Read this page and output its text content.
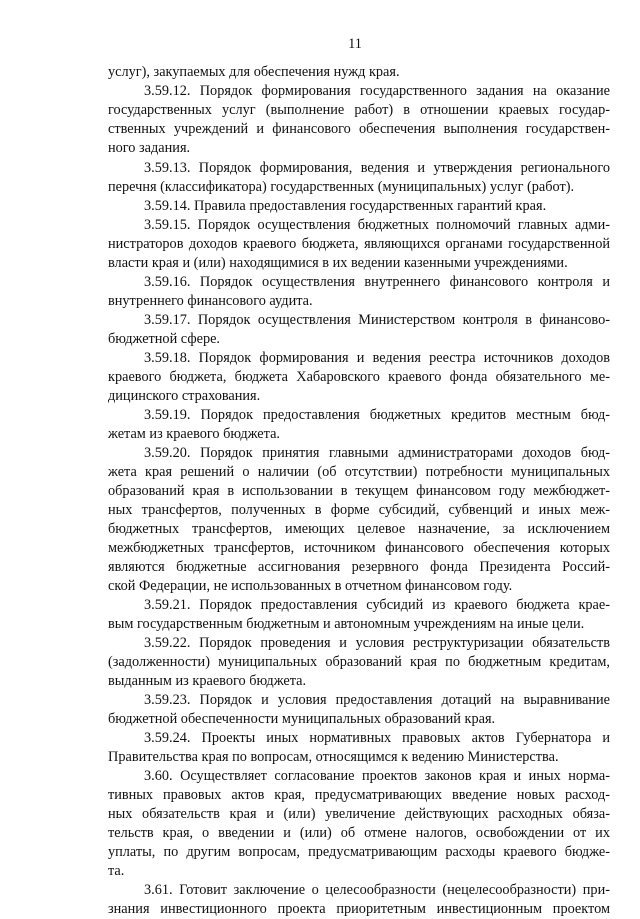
11
услуг), закупаемых для обеспечения нужд края.
3.59.12. Порядок формирования государственного задания на оказание
государственных услуг (выполнение работ) в отношении краевых государ-
ственных учреждений и финансового обеспечения выполнения государствен-
ного задания.
3.59.13. Порядок формирования, ведения и утверждения регионального
перечня (классификатора) государственных (муниципальных) услуг (работ).
3.59.14. Правила предоставления государственных гарантий края.
3.59.15. Порядок осуществления бюджетных полномочий главных адми-
нистраторов доходов краевого бюджета, являющихся органами государственной
власти края и (или) находящимися в их ведении казенными учреждениями.
3.59.16. Порядок осуществления внутреннего финансового контроля и
внутреннего финансового аудита.
3.59.17. Порядок осуществления Министерством контроля в финансово-
бюджетной сфере.
3.59.18. Порядок формирования и ведения реестра источников доходов
краевого бюджета, бюджета Хабаровского краевого фонда обязательного ме-
дицинского страхования.
3.59.19. Порядок предоставления бюджетных кредитов местным бюд-
жетам из краевого бюджета.
3.59.20. Порядок принятия главными администраторами доходов бюд-
жета края решений о наличии (об отсутствии) потребности муниципальных
образований края в использовании в текущем финансовом году межбюджет-
ных трансфертов, полученных в форме субсидий, субвенций и иных меж-
бюджетных трансфертов, имеющих целевое назначение, за исключением
межбюджетных трансфертов, источником финансового обеспечения которых
являются бюджетные ассигнования резервного фонда Президента Россий-
ской Федерации, не использованных в отчетном финансовом году.
3.59.21. Порядок предоставления субсидий из краевого бюджета крае-
вым государственным бюджетным и автономным учреждениям на иные цели.
3.59.22. Порядок проведения и условия реструктуризации обязательств
(задолженности) муниципальных образований края по бюджетным кредитам,
выданным из краевого бюджета.
3.59.23. Порядок и условия предоставления дотаций на выравнивание
бюджетной обеспеченности муниципальных образований края.
3.59.24. Проекты иных нормативных правовых актов Губернатора и
Правительства края по вопросам, относящимся к ведению Министерства.
3.60. Осуществляет согласование проектов законов края и иных норма-
тивных правовых актов края, предусматривающих введение новых расход-
ных обязательств края и (или) увеличение действующих расходных обяза-
тельств края, о введении и (или) об отмене налогов, освобождении от их
уплаты, по другим вопросам, предусматривающим расходы краевого бюдже-
та.
3.61. Готовит заключение о целесообразности (нецелесообразности) при-
знания инвестиционного проекта приоритетным инвестиционным проектом
